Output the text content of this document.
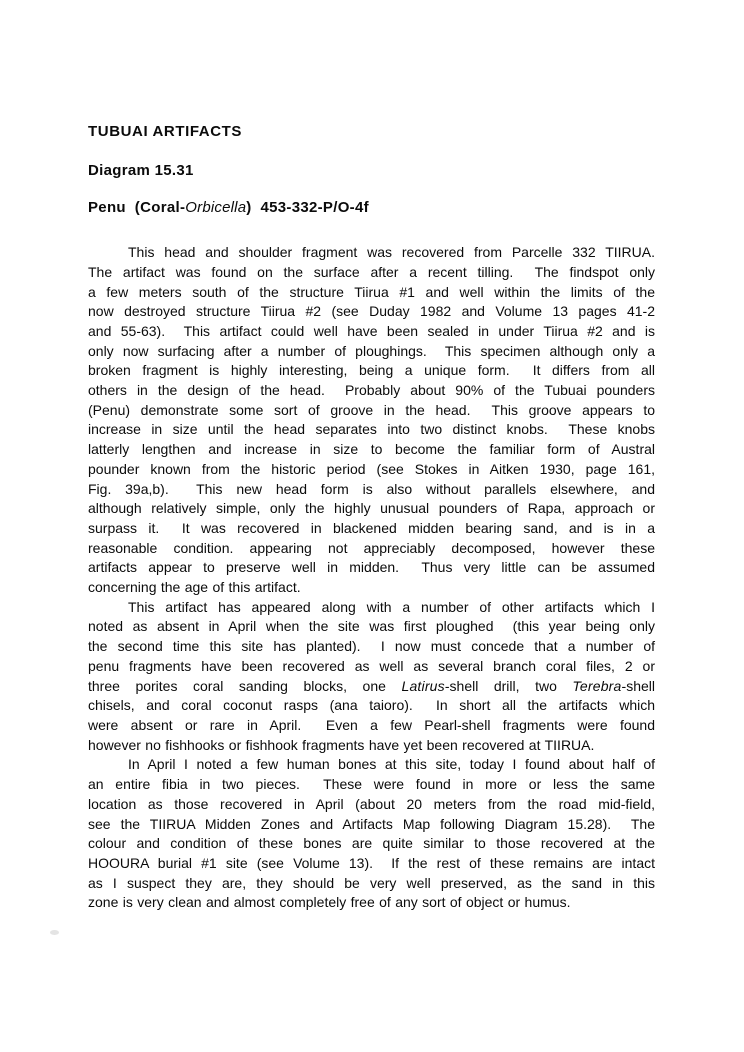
TUBUAI ARTIFACTS
Diagram 15.31
Penu  (Coral-Orbicella)  453-332-P/O-4f
This head and shoulder fragment was recovered from Parcelle 332 TIIRUA.
The artifact was found on the surface after a recent tilling.  The findspot only
a few meters south of the structure Tiirua #1 and well within the limits of the
now destroyed structure Tiirua #2 (see Duday 1982 and Volume 13 pages 41-2
and 55-63).  This artifact could well have been sealed in under Tiirua #2 and is
only now surfacing after a number of ploughings.  This specimen although only a
broken fragment is highly interesting, being a unique form.  It differs from all
others in the design of the head.  Probably about 90% of the Tubuai pounders
(Penu) demonstrate some sort of groove in the head.  This groove appears to
increase in size until the head separates into two distinct knobs.  These knobs
latterly lengthen and increase in size to become the familiar form of Austral
pounder known from the historic period (see Stokes in Aitken 1930, page 161,
Fig. 39a,b).  This new head form is also without parallels elsewhere, and
although relatively simple, only the highly unusual pounders of Rapa, approach or
surpass it.  It was recovered in blackened midden bearing sand, and is in a
reasonable condition. appearing not appreciably decomposed, however these
artifacts appear to preserve well in midden.  Thus very little can be assumed
concerning the age of this artifact.
This artifact has appeared along with a number of other artifacts which I
noted as absent in April when the site was first ploughed  (this year being only
the second time this site has planted).  I now must concede that a number of
penu fragments have been recovered as well as several branch coral files, 2 or
three porites coral sanding blocks, one Latirus-shell drill, two Terebra-shell
chisels, and coral coconut rasps (ana taioro).  In short all the artifacts which
were absent or rare in April.  Even a few Pearl-shell fragments were found
however no fishhooks or fishhook fragments have yet been recovered at TIIRUA.
In April I noted a few human bones at this site, today I found about half of
an entire fibia in two pieces.  These were found in more or less the same
location as those recovered in April (about 20 meters from the road mid-field,
see the TIIRUA Midden Zones and Artifacts Map following Diagram 15.28).  The
colour and condition of these bones are quite similar to those recovered at the
HOOURA burial #1 site (see Volume 13).  If the rest of these remains are intact
as I suspect they are, they should be very well preserved, as the sand in this
zone is very clean and almost completely free of any sort of object or humus.
